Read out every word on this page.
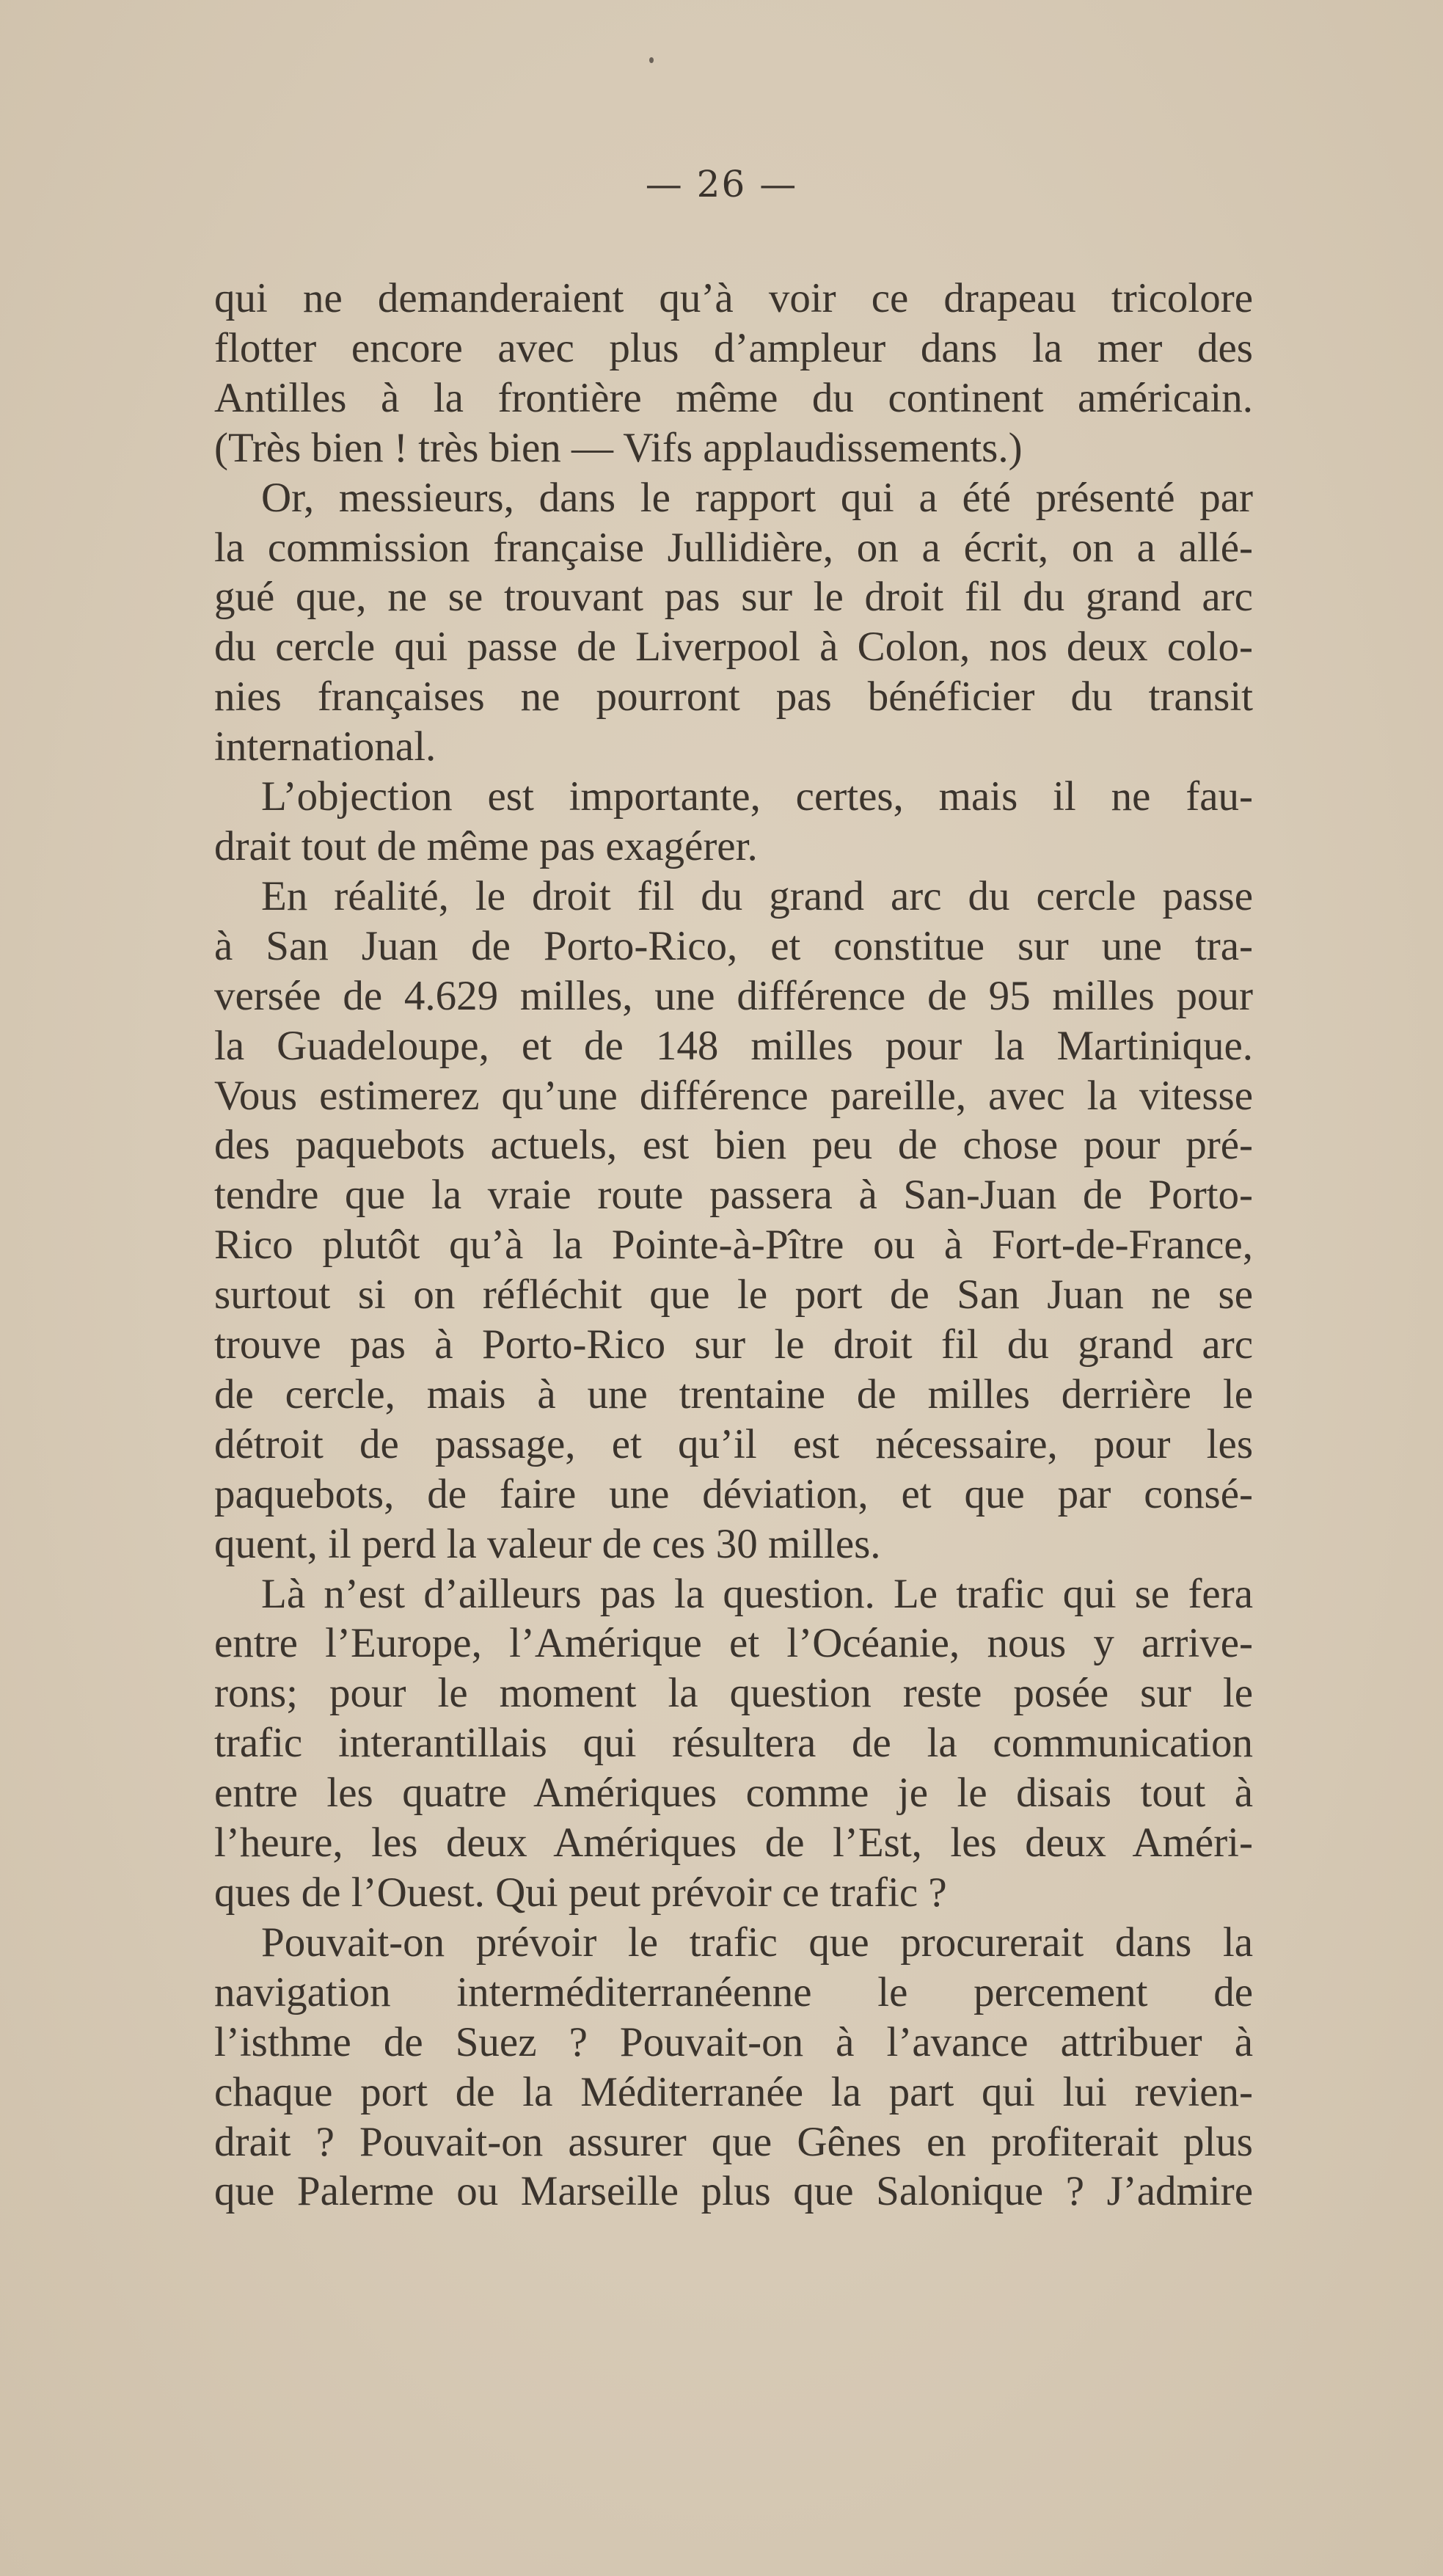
— 26 —
qui ne demanderaient qu’à voir ce drapeau tricolore
flotter encore avec plus d’ampleur dans la mer des
Antilles à la frontière même du continent américain.
(Très bien ! très bien — Vifs applaudissements.)
Or, messieurs, dans le rapport qui a été présenté par
la commission française Jullidière, on a écrit, on a allé-
gué que, ne se trouvant pas sur le droit fil du grand arc
du cercle qui passe de Liverpool à Colon, nos deux colo-
nies françaises ne pourront pas bénéficier du transit
international.
L’objection est importante, certes, mais il ne fau-
drait tout de même pas exagérer.
En réalité, le droit fil du grand arc du cercle passe
à San Juan de Porto-Rico, et constitue sur une tra-
versée de 4.629 milles, une différence de 95 milles pour
la Guadeloupe, et de 148 milles pour la Martinique.
Vous estimerez qu’une différence pareille, avec la vitesse
des paquebots actuels, est bien peu de chose pour pré-
tendre que la vraie route passera à San-Juan de Porto-
Rico plutôt qu’à la Pointe-à-Pître ou à Fort-de-France,
surtout si on réfléchit que le port de San Juan ne se
trouve pas à Porto-Rico sur le droit fil du grand arc
de cercle, mais à une trentaine de milles derrière le
détroit de passage, et qu’il est nécessaire, pour les
paquebots, de faire une déviation, et que par consé-
quent, il perd la valeur de ces 30 milles.
Là n’est d’ailleurs pas la question. Le trafic qui se fera
entre l’Europe, l’Amérique et l’Océanie, nous y arrive-
rons; pour le moment la question reste posée sur le
trafic interantillais qui résultera de la communication
entre les quatre Amériques comme je le disais tout à
l’heure, les deux Amériques de l’Est, les deux Améri-
ques de l’Ouest. Qui peut prévoir ce trafic ?
Pouvait-on prévoir le trafic que procurerait dans la
navigation interméditerranéenne le percement de
l’isthme de Suez ? Pouvait-on à l’avance attribuer à
chaque port de la Méditerranée la part qui lui revien-
drait ? Pouvait-on assurer que Gênes en profiterait plus
que Palerme ou Marseille plus que Salonique ? J’admire
